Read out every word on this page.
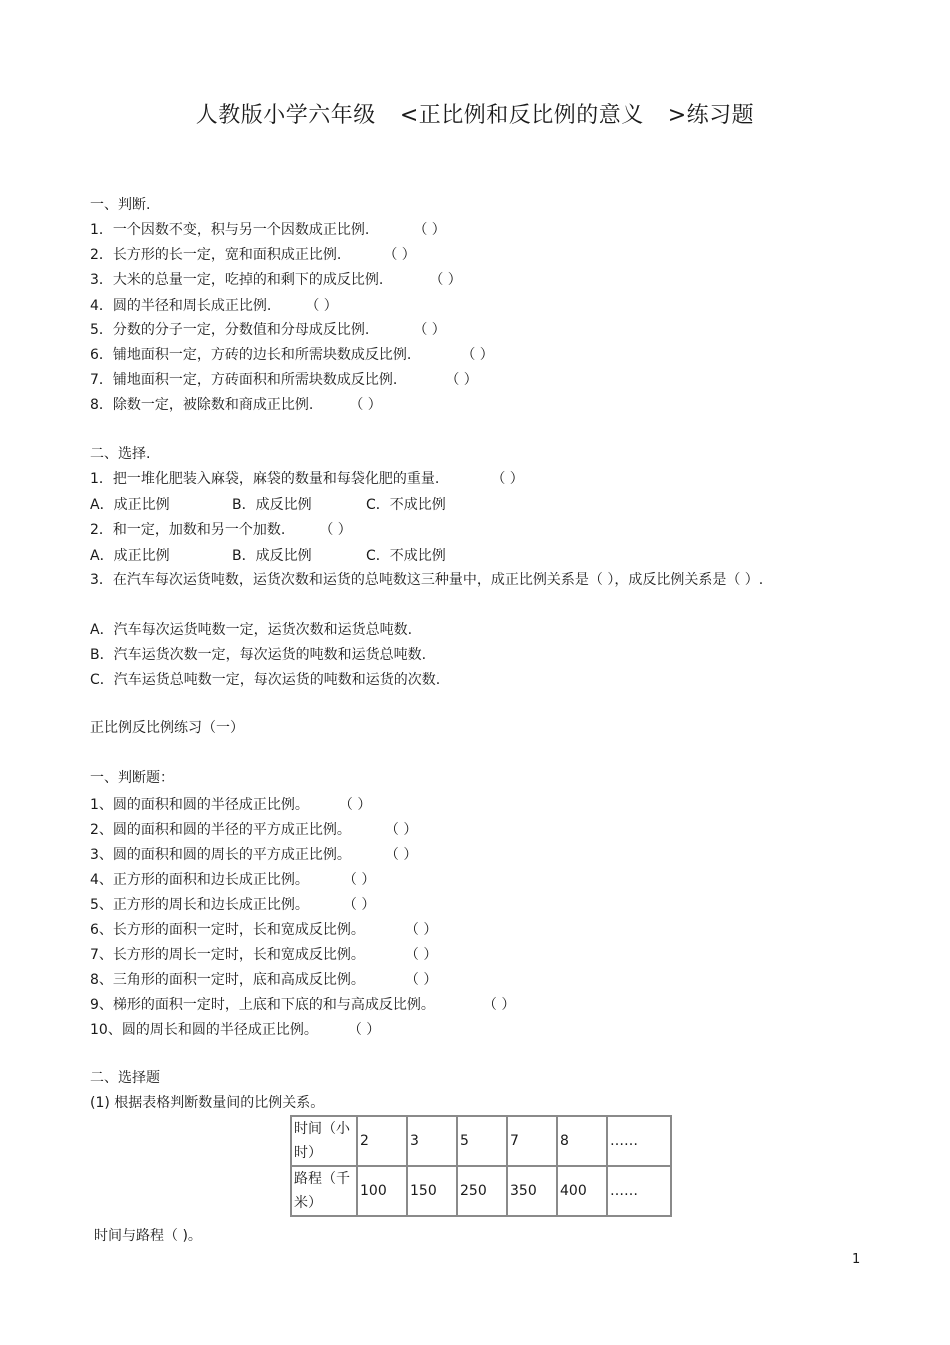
人教版小学六年级 <正比例和反比例的意义 >练习题
一、判断.
1．一个因数不变，积与另一个因数成正比例.	（ ）
2．长方形的长一定，宽和面积成正比例.	（ ）
3．大米的总量一定，吃掉的和剩下的成反比例.	（ ）
4．圆的半径和周长成正比例. （ ）
5．分数的分子一定，分数值和分母成反比例.	（ ）
6．铺地面积一定，方砖的边长和所需块数成反比例.	（ ）
7．铺地面积一定，方砖面积和所需块数成反比例.	（ ）
8．除数一定，被除数和商成正比例.	（ ）
二、选择.
1．把一堆化肥装入麻袋，麻袋的数量和每袋化肥的重量.	（ ）
A．成正比例	B．成反比例	C．不成比例
2．和一定，加数和另一个加数. （ ）
A．成正比例	B．成反比例	C．不成比例
3．在汽车每次运货吨数，运货次数和运货的总吨数这三种量中，成正比例关系是（ ），成反比例关系是（ ）.
A．汽车每次运货吨数一定，运货次数和运货总吨数.
B．汽车运货次数一定，每次运货的吨数和运货总吨数.
C．汽车运货总吨数一定，每次运货的吨数和运货的次数.
正比例反比例练习（一）
一、判断题：
1、圆的面积和圆的半径成正比例。 （ ）
2、圆的面积和圆的半径的平方成正比例。 （ ）
3、圆的面积和圆的周长的平方成正比例。 （ ）
4、正方形的面积和边长成正比例。 （ ）
5、正方形的周长和边长成正比例。 （ ）
6、长方形的面积一定时，长和宽成反比例。	（ ）
7、长方形的周长一定时，长和宽成反比例。	（ ）
8、三角形的面积一定时，底和高成反比例。	（ ）
9、梯形的面积一定时，上底和下底的和与高成反比例。	（ ）
10、圆的周长和圆的半径成正比例。 （ ）
二、选择题
(1) 根据表格判断数量间的比例关系。
时间（小时）	2	3	5	7	8	……
路程（千米）	100	150	250	350	400	……
时间与路程（ )。
1
